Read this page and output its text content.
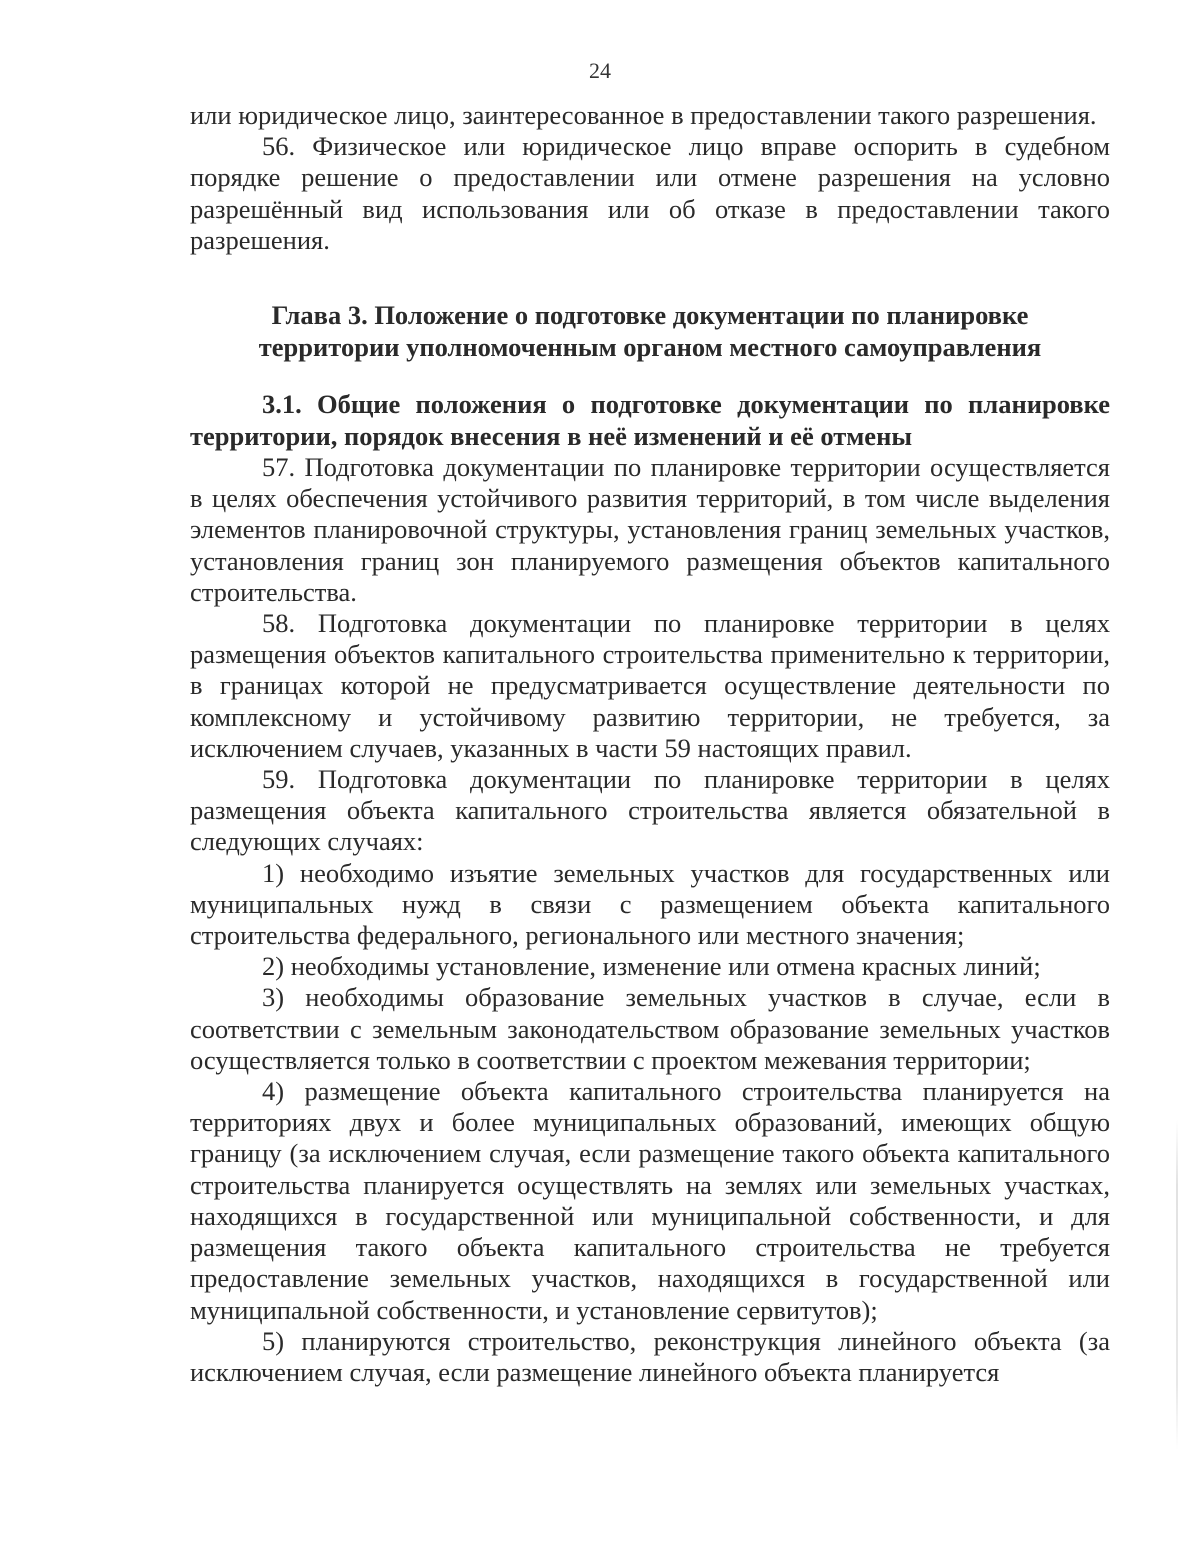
24

или юридическое лицо, заинтересованное в предоставлении такого разрешения.

56. Физическое или юридическое лицо вправе оспорить в судебном порядке решение о предоставлении или отмене разрешения на условно разрешённый вид использования или об отказе в предоставлении такого разрешения.

Глава 3. Положение о подготовке документации по планировке
территории уполномоченным органом местного самоуправления

3.1. Общие положения о подготовке документации по планировке территории, порядок внесения в неё изменений и её отмены

57. Подготовка документации по планировке территории осуществляется в целях обеспечения устойчивого развития территорий, в том числе выделения элементов планировочной структуры, установления границ земельных участков, установления границ зон планируемого размещения объектов капитального строительства.

58. Подготовка документации по планировке территории в целях размещения объектов капитального строительства применительно к территории, в границах которой не предусматривается осуществление деятельности по комплексному и устойчивому развитию территории, не требуется, за исключением случаев, указанных в части 59 настоящих правил.

59. Подготовка документации по планировке территории в целях размещения объекта капитального строительства является обязательной в следующих случаях:

1) необходимо изъятие земельных участков для государственных или муниципальных нужд в связи с размещением объекта капитального строительства федерального, регионального или местного значения;

2) необходимы установление, изменение или отмена красных линий;

3) необходимы образование земельных участков в случае, если в соответствии с земельным законодательством образование земельных участков осуществляется только в соответствии с проектом межевания территории;

4) размещение объекта капитального строительства планируется на территориях двух и более муниципальных образований, имеющих общую границу (за исключением случая, если размещение такого объекта капитального строительства планируется осуществлять на землях или земельных участках, находящихся в государственной или муниципальной собственности, и для размещения такого объекта капитального строительства не требуется предоставление земельных участков, находящихся в государственной или муниципальной собственности, и установление сервитутов);

5) планируются строительство, реконструкция линейного объекта (за исключением случая, если размещение линейного объекта планируется
